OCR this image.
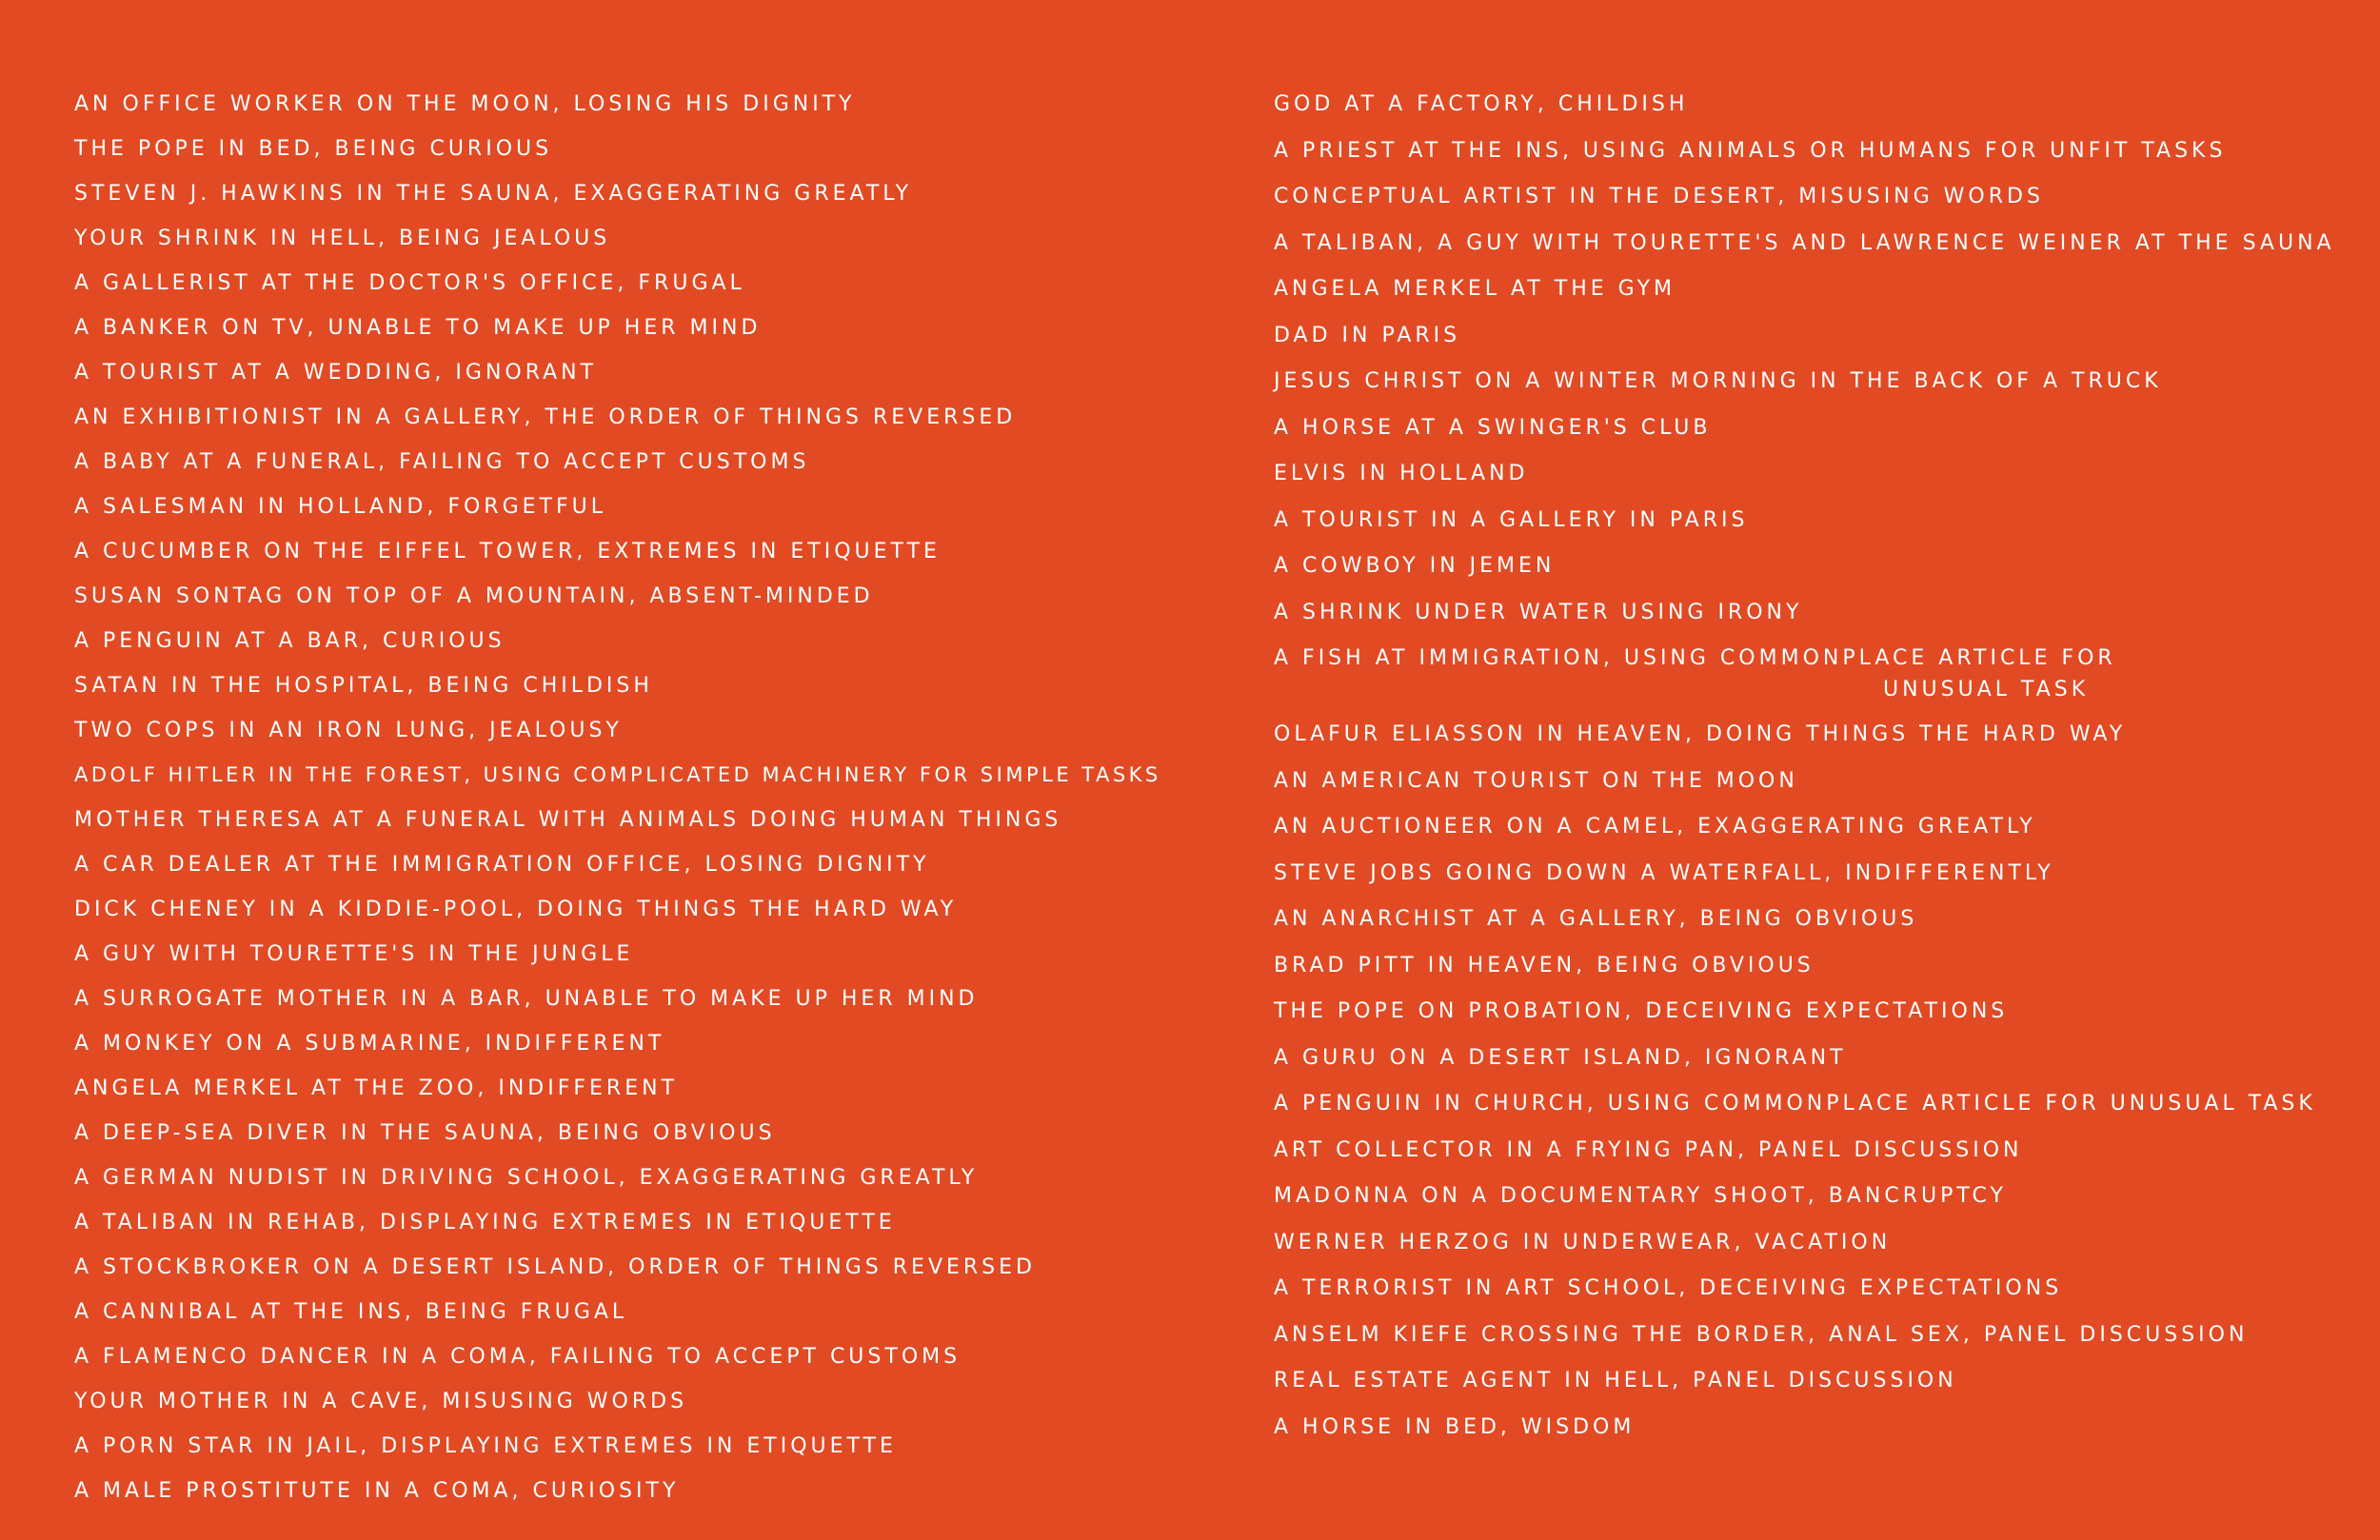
AN OFFICE WORKER ON THE MOON, LOSING HIS DIGNITY
THE POPE IN BED, BEING CURIOUS
STEVEN J. HAWKINS IN THE SAUNA, EXAGGERATING GREATLY
YOUR SHRINK IN HELL, BEING JEALOUS
A GALLERIST AT THE DOCTOR'S OFFICE, FRUGAL
A BANKER ON TV, UNABLE TO MAKE UP HER MIND
A TOURIST AT A WEDDING, IGNORANT
AN EXHIBITIONIST IN A GALLERY, THE ORDER OF THINGS REVERSED
A BABY AT A FUNERAL, FAILING TO ACCEPT CUSTOMS
A SALESMAN IN HOLLAND, FORGETFUL
A CUCUMBER ON THE EIFFEL TOWER, EXTREMES IN ETIQUETTE
SUSAN SONTAG ON TOP OF A MOUNTAIN, ABSENT-MINDED
A PENGUIN AT A BAR, CURIOUS
SATAN IN THE HOSPITAL, BEING CHILDISH
TWO COPS IN AN IRON LUNG, JEALOUSY
ADOLF HITLER IN THE FOREST, USING COMPLICATED MACHINERY FOR SIMPLE TASKS
MOTHER THERESA AT A FUNERAL WITH ANIMALS DOING HUMAN THINGS
A CAR DEALER AT THE IMMIGRATION OFFICE, LOSING DIGNITY
DICK CHENEY IN A KIDDIE-POOL, DOING THINGS THE HARD WAY
A GUY WITH TOURETTE'S IN THE JUNGLE
A SURROGATE MOTHER IN A BAR, UNABLE TO MAKE UP HER MIND
A MONKEY ON A SUBMARINE, INDIFFERENT
ANGELA MERKEL AT THE ZOO, INDIFFERENT
A DEEP-SEA DIVER IN THE SAUNA, BEING OBVIOUS
A GERMAN NUDIST IN DRIVING SCHOOL, EXAGGERATING GREATLY
A TALIBAN IN REHAB, DISPLAYING EXTREMES IN ETIQUETTE
A STOCKBROKER ON A DESERT ISLAND, ORDER OF THINGS REVERSED
A CANNIBAL AT THE INS, BEING FRUGAL
A FLAMENCO DANCER IN A COMA, FAILING TO ACCEPT CUSTOMS
YOUR MOTHER IN A CAVE, MISUSING WORDS
A PORN STAR IN JAIL, DISPLAYING EXTREMES IN ETIQUETTE
A MALE PROSTITUTE IN A COMA, CURIOSITY
GOD AT A FACTORY, CHILDISH
A PRIEST AT THE INS, USING ANIMALS OR HUMANS FOR UNFIT TASKS
CONCEPTUAL ARTIST IN THE DESERT, MISUSING WORDS
A TALIBAN, A GUY WITH TOURETTE'S AND LAWRENCE WEINER AT THE SAUNA
ANGELA MERKEL AT THE GYM
DAD IN PARIS
JESUS CHRIST ON A WINTER MORNING IN THE BACK OF A TRUCK
A HORSE AT A SWINGER'S CLUB
ELVIS IN HOLLAND
A TOURIST IN A GALLERY IN PARIS
A COWBOY IN JEMEN
A SHRINK UNDER WATER USING IRONY
A FISH AT IMMIGRATION, USING COMMONPLACE ARTICLE FOR
UNUSUAL TASK
OLAFUR ELIASSON IN HEAVEN, DOING THINGS THE HARD WAY
AN AMERICAN TOURIST ON THE MOON
AN AUCTIONEER ON A CAMEL, EXAGGERATING GREATLY
STEVE JOBS GOING DOWN A WATERFALL, INDIFFERENTLY
AN ANARCHIST AT A GALLERY, BEING OBVIOUS
BRAD PITT IN HEAVEN, BEING OBVIOUS
THE POPE ON PROBATION, DECEIVING EXPECTATIONS
A GURU ON A DESERT ISLAND, IGNORANT
A PENGUIN IN CHURCH, USING COMMONPLACE ARTICLE FOR UNUSUAL TASK
ART COLLECTOR IN A FRYING PAN, PANEL DISCUSSION
MADONNA ON A DOCUMENTARY SHOOT, BANCRUPTCY
WERNER HERZOG IN UNDERWEAR, VACATION
A TERRORIST IN ART SCHOOL, DECEIVING EXPECTATIONS
ANSELM KIEFE CROSSING THE BORDER, ANAL SEX, PANEL DISCUSSION
REAL ESTATE AGENT IN HELL, PANEL DISCUSSION
A HORSE IN BED, WISDOM
